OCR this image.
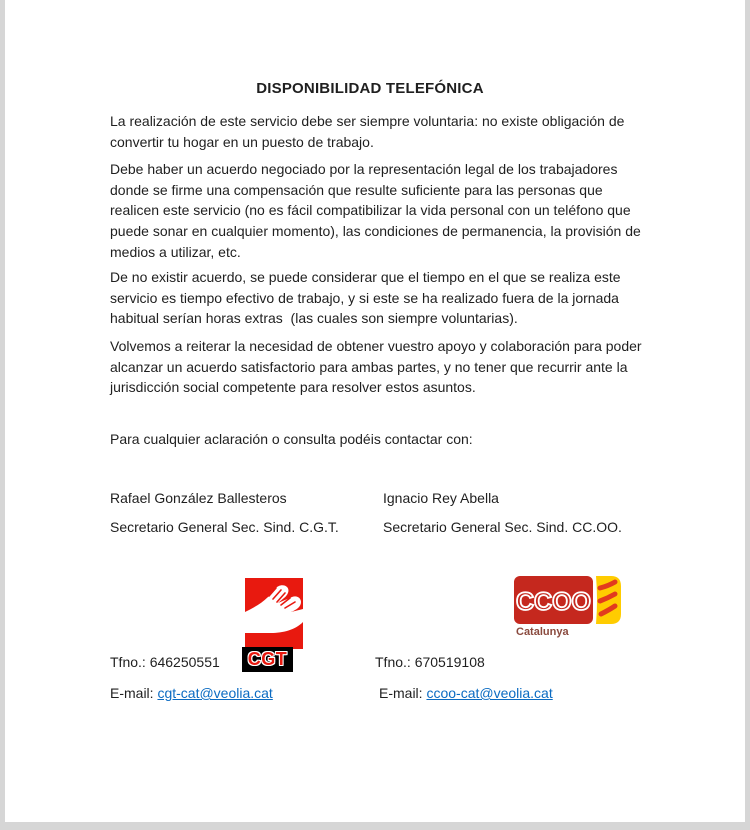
DISPONIBILIDAD TELEFÓNICA
La realización de este servicio debe ser siempre voluntaria: no existe obligación de
convertir tu hogar en un puesto de trabajo.
Debe haber un acuerdo negociado por la representación legal de los trabajadores
donde se firme una compensación que resulte suficiente para las personas que
realicen este servicio (no es fácil compatibilizar la vida personal con un teléfono que
puede sonar en cualquier momento), las condiciones de permanencia, la provisión de
medios a utilizar, etc.
De no existir acuerdo, se puede considerar que el tiempo en el que se realiza este
servicio es tiempo efectivo de trabajo, y si este se ha realizado fuera de la jornada
habitual serían horas extras  (las cuales son siempre voluntarias).
Volvemos a reiterar la necesidad de obtener vuestro apoyo y colaboración para poder
alcanzar un acuerdo satisfactorio para ambas partes, y no tener que recurrir ante la
jurisdicción social competente para resolver estos asuntos.
Para cualquier aclaración o consulta podéis contactar con:
Rafael González Ballesteros	Ignacio Rey Abella
Secretario General Sec. Sind. C.G.T.	Secretario General Sec. Sind. CC.OO.
CGT
CCOO
Catalunya
Tfno.: 646250551	Tfno.: 670519108
E-mail: cgt-cat@veolia.cat	E-mail: ccoo-cat@veolia.cat
